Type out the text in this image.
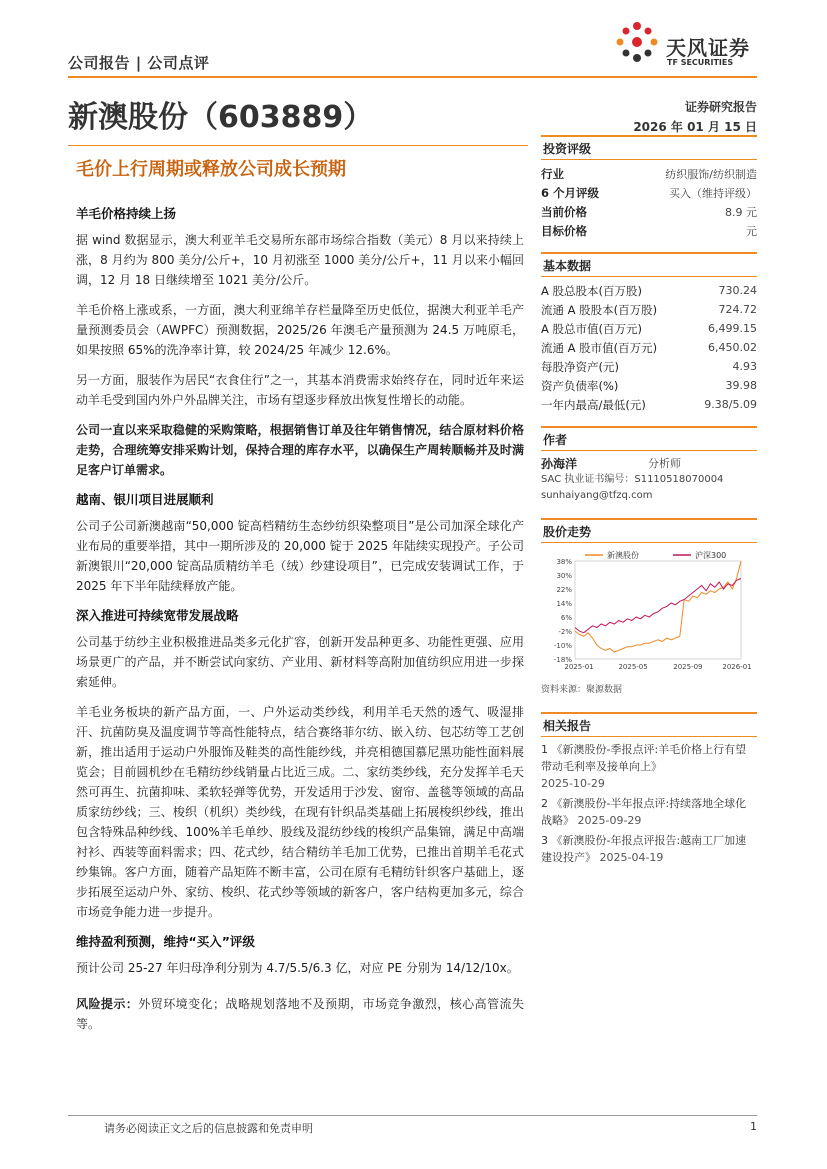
公司报告 | 公司点评
天风证券
TF SECURITIES
新澳股份（603889）	证券研究报告
2026 年 01 月 15 日
毛价上行周期或释放公司成长预期
羊毛价格持续上扬

据 wind 数据显示，澳大利亚羊毛交易所东部市场综合指数（美元）8 月以来持续上涨，8 月约为 800 美分/公斤+，10 月初涨至 1000 美分/公斤+，11 月以来小幅回调，12 月 18 日继续增至 1021 美分/公斤。

羊毛价格上涨或系，一方面，澳大利亚绵羊存栏量降至历史低位，据澳大利亚羊毛产量预测委员会（AWPFC）预测数据，2025/26 年澳毛产量预测为 24.5 万吨原毛，如果按照 65%的洗净率计算，较 2024/25 年减少 12.6%。

另一方面，服装作为居民“衣食住行”之一，其基本消费需求始终存在，同时近年来运动羊毛受到国内外户外品牌关注，市场有望逐步释放出恢复性增长的动能。

公司一直以来采取稳健的采购策略，根据销售订单及往年销售情况，结合原材料价格走势，合理统筹安排采购计划，保持合理的库存水平，以确保生产周转顺畅并及时满足客户订单需求。

越南、银川项目进展顺利

公司子公司新澳越南“50,000 锭高档精纺生态纱纺织染整项目”是公司加深全球化产业布局的重要举措，其中一期所涉及的 20,000 锭于 2025 年陆续实现投产。子公司新澳银川“20,000 锭高品质精纺羊毛（绒）纱建设项目”，已完成安装调试工作，于 2025 年下半年陆续释放产能。

深入推进可持续宽带发展战略

公司基于纺纱主业积极推进品类多元化扩容，创新开发品种更多、功能性更强、应用场景更广的产品，并不断尝试向家纺、产业用、新材料等高附加值纺织应用进一步探索延伸。

羊毛业务板块的新产品方面，一、户外运动类纱线，利用羊毛天然的透气、吸湿排汗、抗菌防臭及温度调节等高性能特点，结合赛络菲尔纺、嵌入纺、包芯纺等工艺创新，推出适用于运动户外服饰及鞋类的高性能纱线，并亮相德国慕尼黑功能性面料展览会；目前圆机纱在毛精纺纱线销量占比近三成。二、家纺类纱线，充分发挥羊毛天然可再生、抗菌抑味、柔软轻弹等优势，开发适用于沙发、窗帘、盖毯等领域的高品质家纺纱线；三、梭织（机织）类纱线，在现有针织品类基础上拓展梭织纱线，推出包含特殊品种纱线、100%羊毛单纱、股线及混纺纱线的梭织产品集锦，满足中高端衬衫、西装等面料需求；四、花式纱，结合精纺羊毛加工优势，已推出首期羊毛花式纱集锦。客户方面，随着产品矩阵不断丰富，公司在原有毛精纺针织客户基础上，逐步拓展至运动户外、家纺、梭织、花式纱等领域的新客户，客户结构更加多元，综合市场竞争能力进一步提升。

维持盈利预测，维持“买入”评级

预计公司 25-27 年归母净利分别为 4.7/5.5/6.3 亿，对应 PE 分别为 14/12/10x。

风险提示：外贸环境变化；战略规划落地不及预期，市场竞争激烈，核心高管流失等。

投资评级
行业	纺织服饰/纺织制造
6 个月评级	买入（维持评级）
当前价格	8.9 元
目标价格	元
基本数据
A 股总股本(百万股)	730.24
流通 A 股股本(百万股)	724.72
A 股总市值(百万元)	6,499.15
流通 A 股市值(百万元)	6,450.02
每股净资产(元)	4.93
资产负债率(%)	39.98
一年内最高/最低(元)	9.38/5.09
作者
孙海洋	分析师
SAC 执业证书编号：S1110518070004
sunhaiyang@tfzq.com
股价走势
38%
30%
22%
14%
6%
-2%
-10%
-18%
2025-01	2025-05	2025-09	2026-01
新澳股份	沪深300
资料来源：聚源数据
相关报告
1 《新澳股份-季报点评:羊毛价格上行有望带动毛利率及接单向上》
2025-10-29
2 《新澳股份-半年报点评:持续落地全球化战略》 2025-09-29
3 《新澳股份-年报点评报告:越南工厂加速建设投产》 2025-04-19
请务必阅读正文之后的信息披露和免责申明	1
